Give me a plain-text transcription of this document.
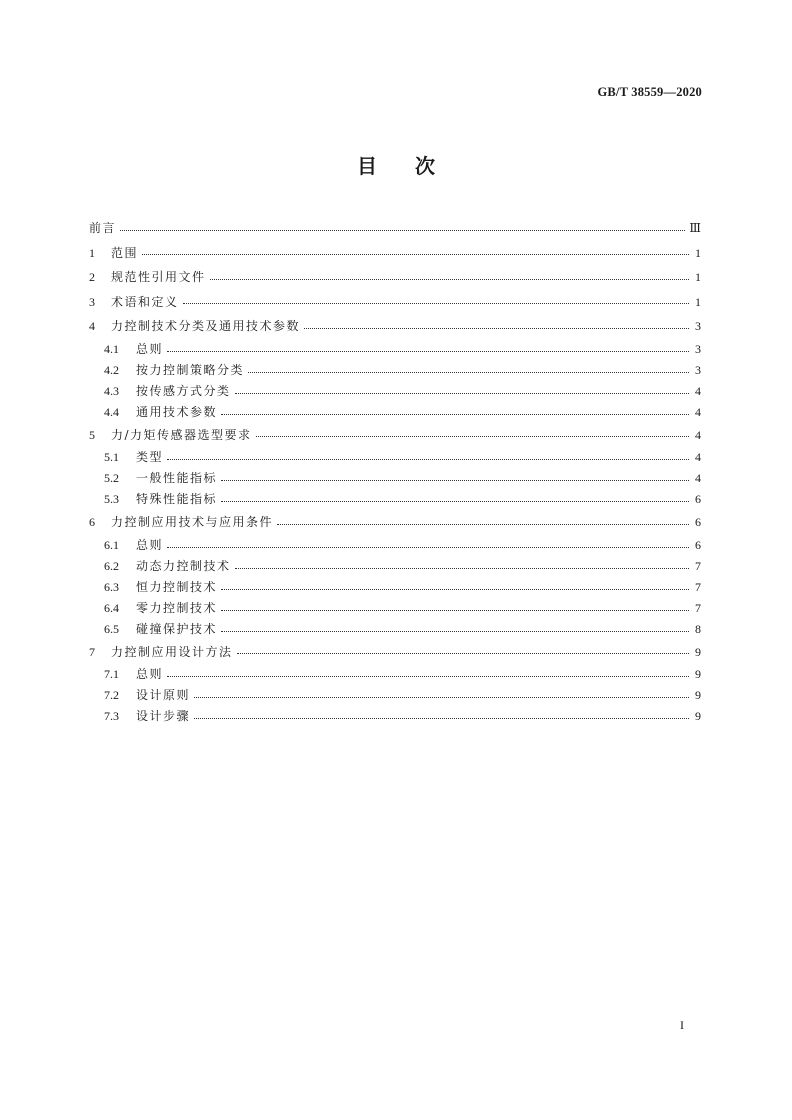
GB/T 38559—2020
目 次
前言	Ⅲ
1	范围	1
2	规范性引用文件	1
3	术语和定义	1
4	力控制技术分类及通用技术参数	3
4.1	总则	3
4.2	按力控制策略分类	3
4.3	按传感方式分类	4
4.4	通用技术参数	4
5	力/力矩传感器选型要求	4
5.1	类型	4
5.2	一般性能指标	4
5.3	特殊性能指标	6
6	力控制应用技术与应用条件	6
6.1	总则	6
6.2	动态力控制技术	7
6.3	恒力控制技术	7
6.4	零力控制技术	7
6.5	碰撞保护技术	8
7	力控制应用设计方法	9
7.1	总则	9
7.2	设计原则	9
7.3	设计步骤	9
I
